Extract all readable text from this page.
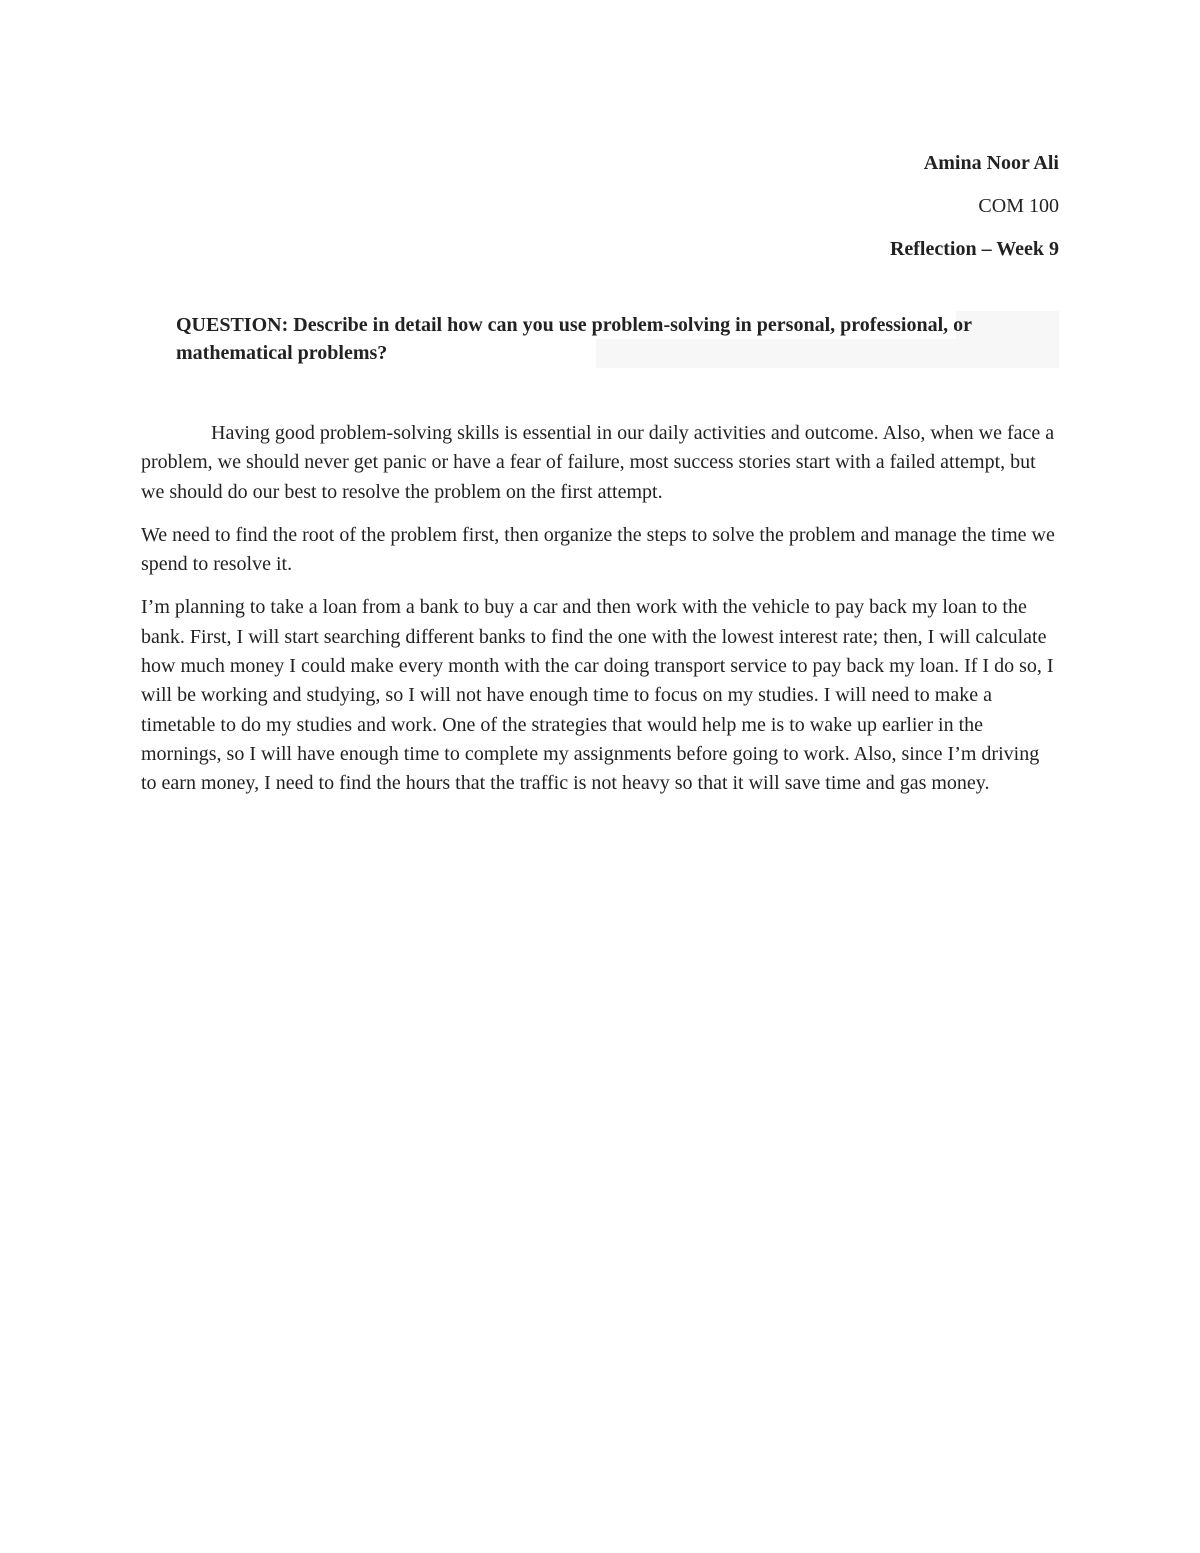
Amina Noor Ali
COM 100
Reflection – Week 9

QUESTION: Describe in detail how can you use problem-solving in personal, professional, or mathematical problems?

Having good problem-solving skills is essential in our daily activities and outcome. Also, when we face a problem, we should never get panic or have a fear of failure, most success stories start with a failed attempt, but we should do our best to resolve the problem on the first attempt.

We need to find the root of the problem first, then organize the steps to solve the problem and manage the time we spend to resolve it.

I’m planning to take a loan from a bank to buy a car and then work with the vehicle to pay back my loan to the bank. First, I will start searching different banks to find the one with the lowest interest rate; then, I will calculate how much money I could make every month with the car doing transport service to pay back my loan. If I do so, I will be working and studying, so I will not have enough time to focus on my studies. I will need to make a timetable to do my studies and work. One of the strategies that would help me is to wake up earlier in the mornings, so I will have enough time to complete my assignments before going to work. Also, since I’m driving to earn money, I need to find the hours that the traffic is not heavy so that it will save time and gas money.
